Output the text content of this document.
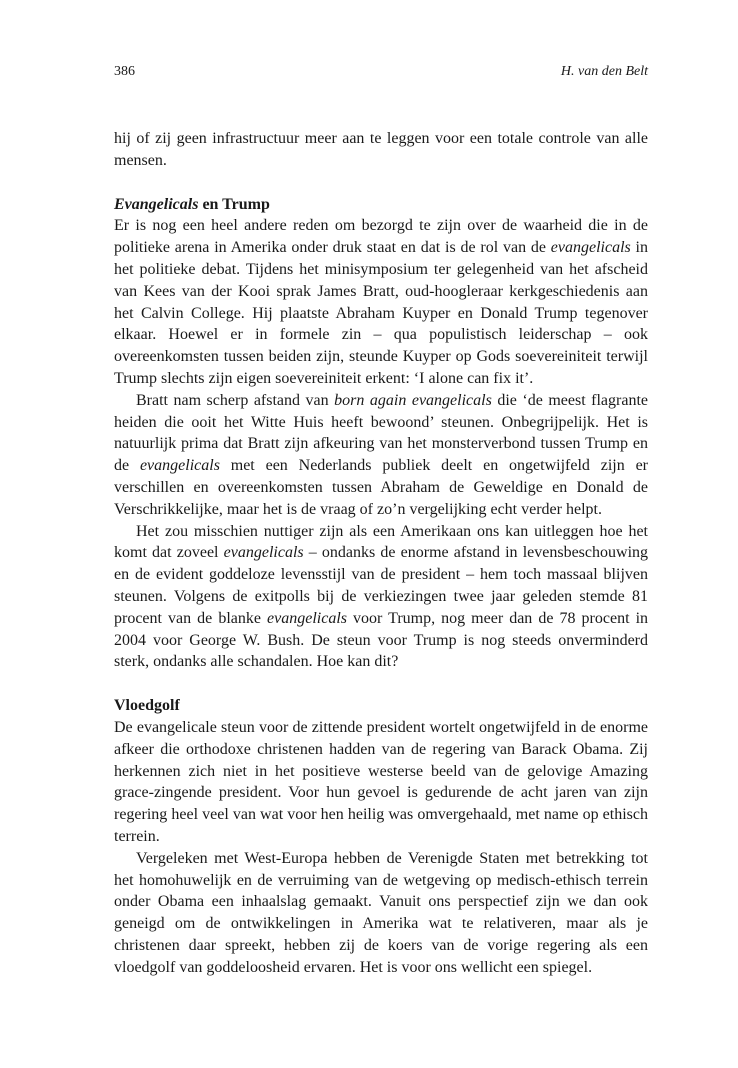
386	H. van den Belt

hij of zij geen infrastructuur meer aan te leggen voor een totale controle van alle mensen.

Evangelicals en Trump

Er is nog een heel andere reden om bezorgd te zijn over de waarheid die in de politieke arena in Amerika onder druk staat en dat is de rol van de evangelicals in het politieke debat. Tijdens het minisymposium ter gelegenheid van het afscheid van Kees van der Kooi sprak James Bratt, oud-hoogleraar kerkgeschiedenis aan het Calvin College. Hij plaatste Abraham Kuyper en Donald Trump tegenover elkaar. Hoewel er in formele zin – qua populistisch leiderschap – ook overeenkomsten tussen beiden zijn, steunde Kuyper op Gods soevereiniteit terwijl Trump slechts zijn eigen soevereiniteit erkent: ‘I alone can fix it’.

Bratt nam scherp afstand van born again evangelicals die ‘de meest flagrante heiden die ooit het Witte Huis heeft bewoond’ steunen. Onbegrijpelijk. Het is natuurlijk prima dat Bratt zijn afkeuring van het monsterverbond tussen Trump en de evangelicals met een Nederlands publiek deelt en ongetwijfeld zijn er verschillen en overeenkomsten tussen Abraham de Geweldige en Donald de Verschrikkelijke, maar het is de vraag of zo’n vergelijking echt verder helpt.

Het zou misschien nuttiger zijn als een Amerikaan ons kan uitleggen hoe het komt dat zoveel evangelicals – ondanks de enorme afstand in levensbeschouwing en de evident goddeloze levensstijl van de president – hem toch massaal blijven steunen. Volgens de exitpolls bij de verkiezingen twee jaar geleden stemde 81 procent van de blanke evangelicals voor Trump, nog meer dan de 78 procent in 2004 voor George W. Bush. De steun voor Trump is nog steeds onverminderd sterk, ondanks alle schandalen. Hoe kan dit?

Vloedgolf

De evangelicale steun voor de zittende president wortelt ongetwijfeld in de enorme afkeer die orthodoxe christenen hadden van de regering van Barack Obama. Zij herkennen zich niet in het positieve westerse beeld van de gelovige Amazing grace-zingende president. Voor hun gevoel is gedurende de acht jaren van zijn regering heel veel van wat voor hen heilig was omvergehaald, met name op ethisch terrein.

Vergeleken met West-Europa hebben de Verenigde Staten met betrekking tot het homohuwelijk en de verruiming van de wetgeving op medisch-ethisch terrein onder Obama een inhaalslag gemaakt. Vanuit ons perspectief zijn we dan ook geneigd om de ontwikkelingen in Amerika wat te relativeren, maar als je christenen daar spreekt, hebben zij de koers van de vorige regering als een vloedgolf van goddeloosheid ervaren. Het is voor ons wellicht een spiegel.
